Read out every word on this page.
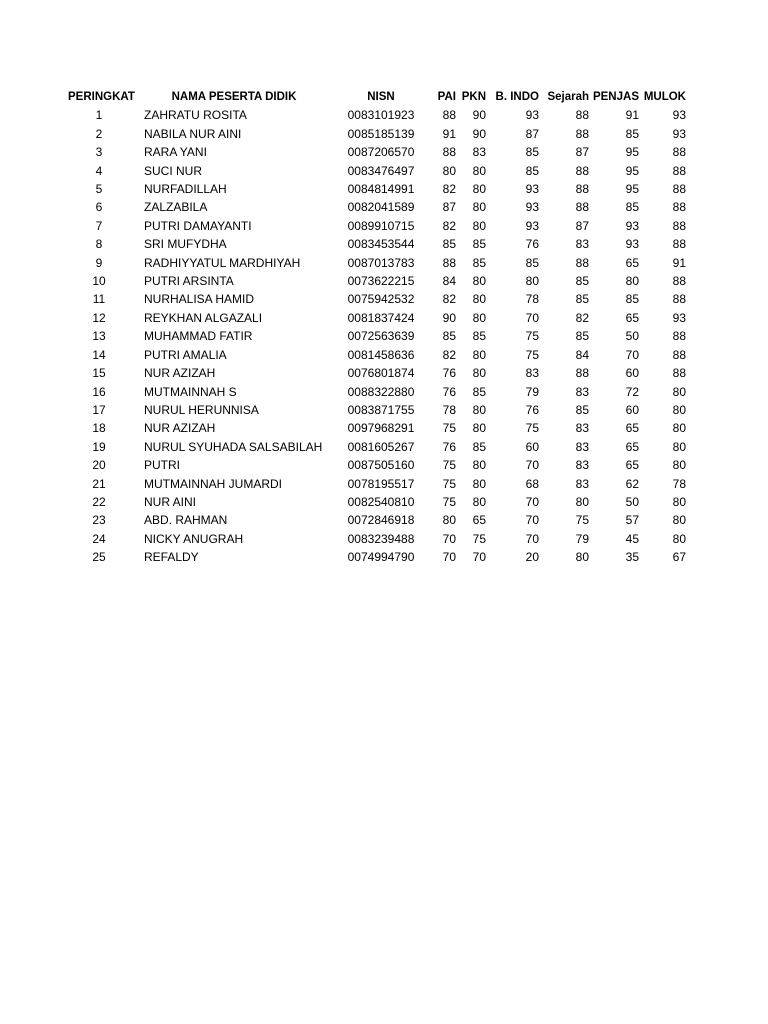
PERINGKAT	NAMA PESERTA DIDIK	NISN	PAI	PKN	B. INDO	Sejarah	PENJAS	MULOK
1	ZAHRATU ROSITA	0083101923	88	90	93	88	91	93
2	NABILA NUR AINI	0085185139	91	90	87	88	85	93
3	RARA YANI	0087206570	88	83	85	87	95	88
4	SUCI NUR	0083476497	80	80	85	88	95	88
5	NURFADILLAH	0084814991	82	80	93	88	95	88
6	ZALZABILA	0082041589	87	80	93	88	85	88
7	PUTRI DAMAYANTI	0089910715	82	80	93	87	93	88
8	SRI MUFYDHA	0083453544	85	85	76	83	93	88
9	RADHIYYATUL MARDHIYAH	0087013783	88	85	85	88	65	91
10	PUTRI ARSINTA	0073622215	84	80	80	85	80	88
11	NURHALISA HAMID	0075942532	82	80	78	85	85	88
12	REYKHAN ALGAZALI	0081837424	90	80	70	82	65	93
13	MUHAMMAD FATIR	0072563639	85	85	75	85	50	88
14	PUTRI AMALIA	0081458636	82	80	75	84	70	88
15	NUR AZIZAH	0076801874	76	80	83	88	60	88
16	MUTMAINNAH S	0088322880	76	85	79	83	72	80
17	NURUL HERUNNISA	0083871755	78	80	76	85	60	80
18	NUR AZIZAH	0097968291	75	80	75	83	65	80
19	NURUL SYUHADA SALSABILAH	0081605267	76	85	60	83	65	80
20	PUTRI	0087505160	75	80	70	83	65	80
21	MUTMAINNAH JUMARDI	0078195517	75	80	68	83	62	78
22	NUR AINI	0082540810	75	80	70	80	50	80
23	ABD. RAHMAN	0072846918	80	65	70	75	57	80
24	NICKY ANUGRAH	0083239488	70	75	70	79	45	80
25	REFALDY	0074994790	70	70	20	80	35	67
